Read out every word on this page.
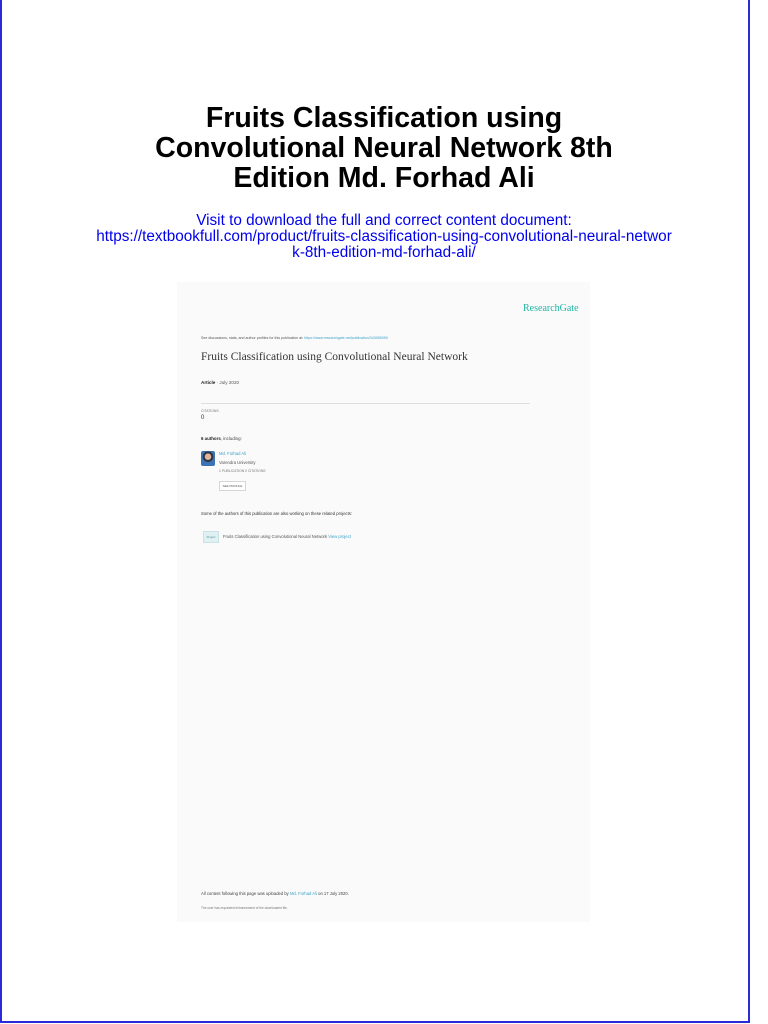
Fruits Classification using
Convolutional Neural Network 8th
Edition Md. Forhad Ali
Visit to download the full and correct content document:
https://textbookfull.com/product/fruits-classification-using-convolutional-neural-networ
k-8th-edition-md-forhad-ali/
ResearchGate
See discussions, stats, and author profiles for this publication at: https://www.researchgate.net/publication/343089090
Fruits Classification using Convolutional Neural Network
Article · July 2020
CITATIONS
0
6 authors, including:
Md. Forhad Ali
Varendra University
1 PUBLICATION 0 CITATIONS
SEE PROFILE
Some of the authors of this publication are also working on these related projects:
Project	Fruits Classification using Convolutional Neural Network View project
All content following this page was uploaded by Md. Forhad Ali on 17 July 2020.
The user has requested enhancement of the downloaded file.
